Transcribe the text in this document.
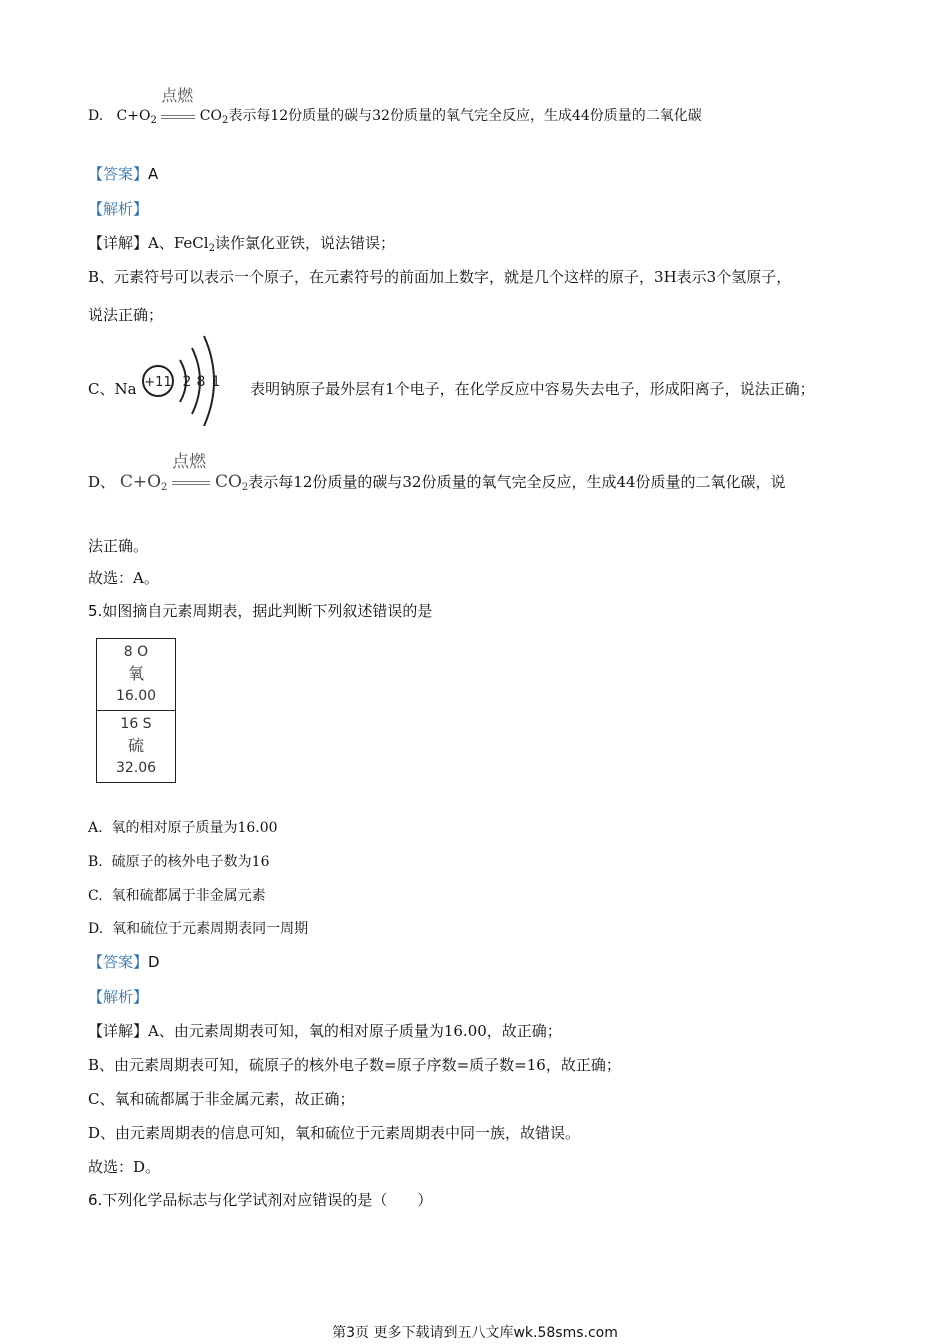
D. $C+O_2$
点燃
$CO_2$表示每12份质量的碳与32份质量的氧气完全反应，生成44份质量的二氧化碳
【答案】A
【解析】
【详解】A、FeCl$_2$读作氯化亚铁，说法错误；
B、元素符号可以表示一个原子，在元素符号的前面加上数字，就是几个这样的原子，3H表示3个氢原子，
说法正确；
C、Na	表明钠原子最外层有1个电子，在化学反应中容易失去电子，形成阳离子，说法正确；
+11 2 8 1
D、 $C+O_2$
点燃
$CO_2$表示每12份质量的碳与32份质量的氧气完全反应，生成44份质量的二氧化碳，说
法正确。
故选：A。
5.如图摘自元素周期表，据此判断下列叙述错误的是
8 O
氧
16.00
16 S
硫
32.06
A. 氧的相对原子质量为16.00
B. 硫原子的核外电子数为16
C. 氧和硫都属于非金属元素
D. 氧和硫位于元素周期表同一周期
【答案】D
【解析】
【详解】A、由元素周期表可知，氧的相对原子质量为16.00，故正确；
B、由元素周期表可知，硫原子的核外电子数=原子序数=质子数=16，故正确；
C、氧和硫都属于非金属元素，故正确；
D、由元素周期表的信息可知，氧和硫位于元素周期表中同一族，故错误。
故选：D。
6.下列化学品标志与化学试剂对应错误的是（　　）
第3页 更多下载请到五八文库wk.58sms.com
